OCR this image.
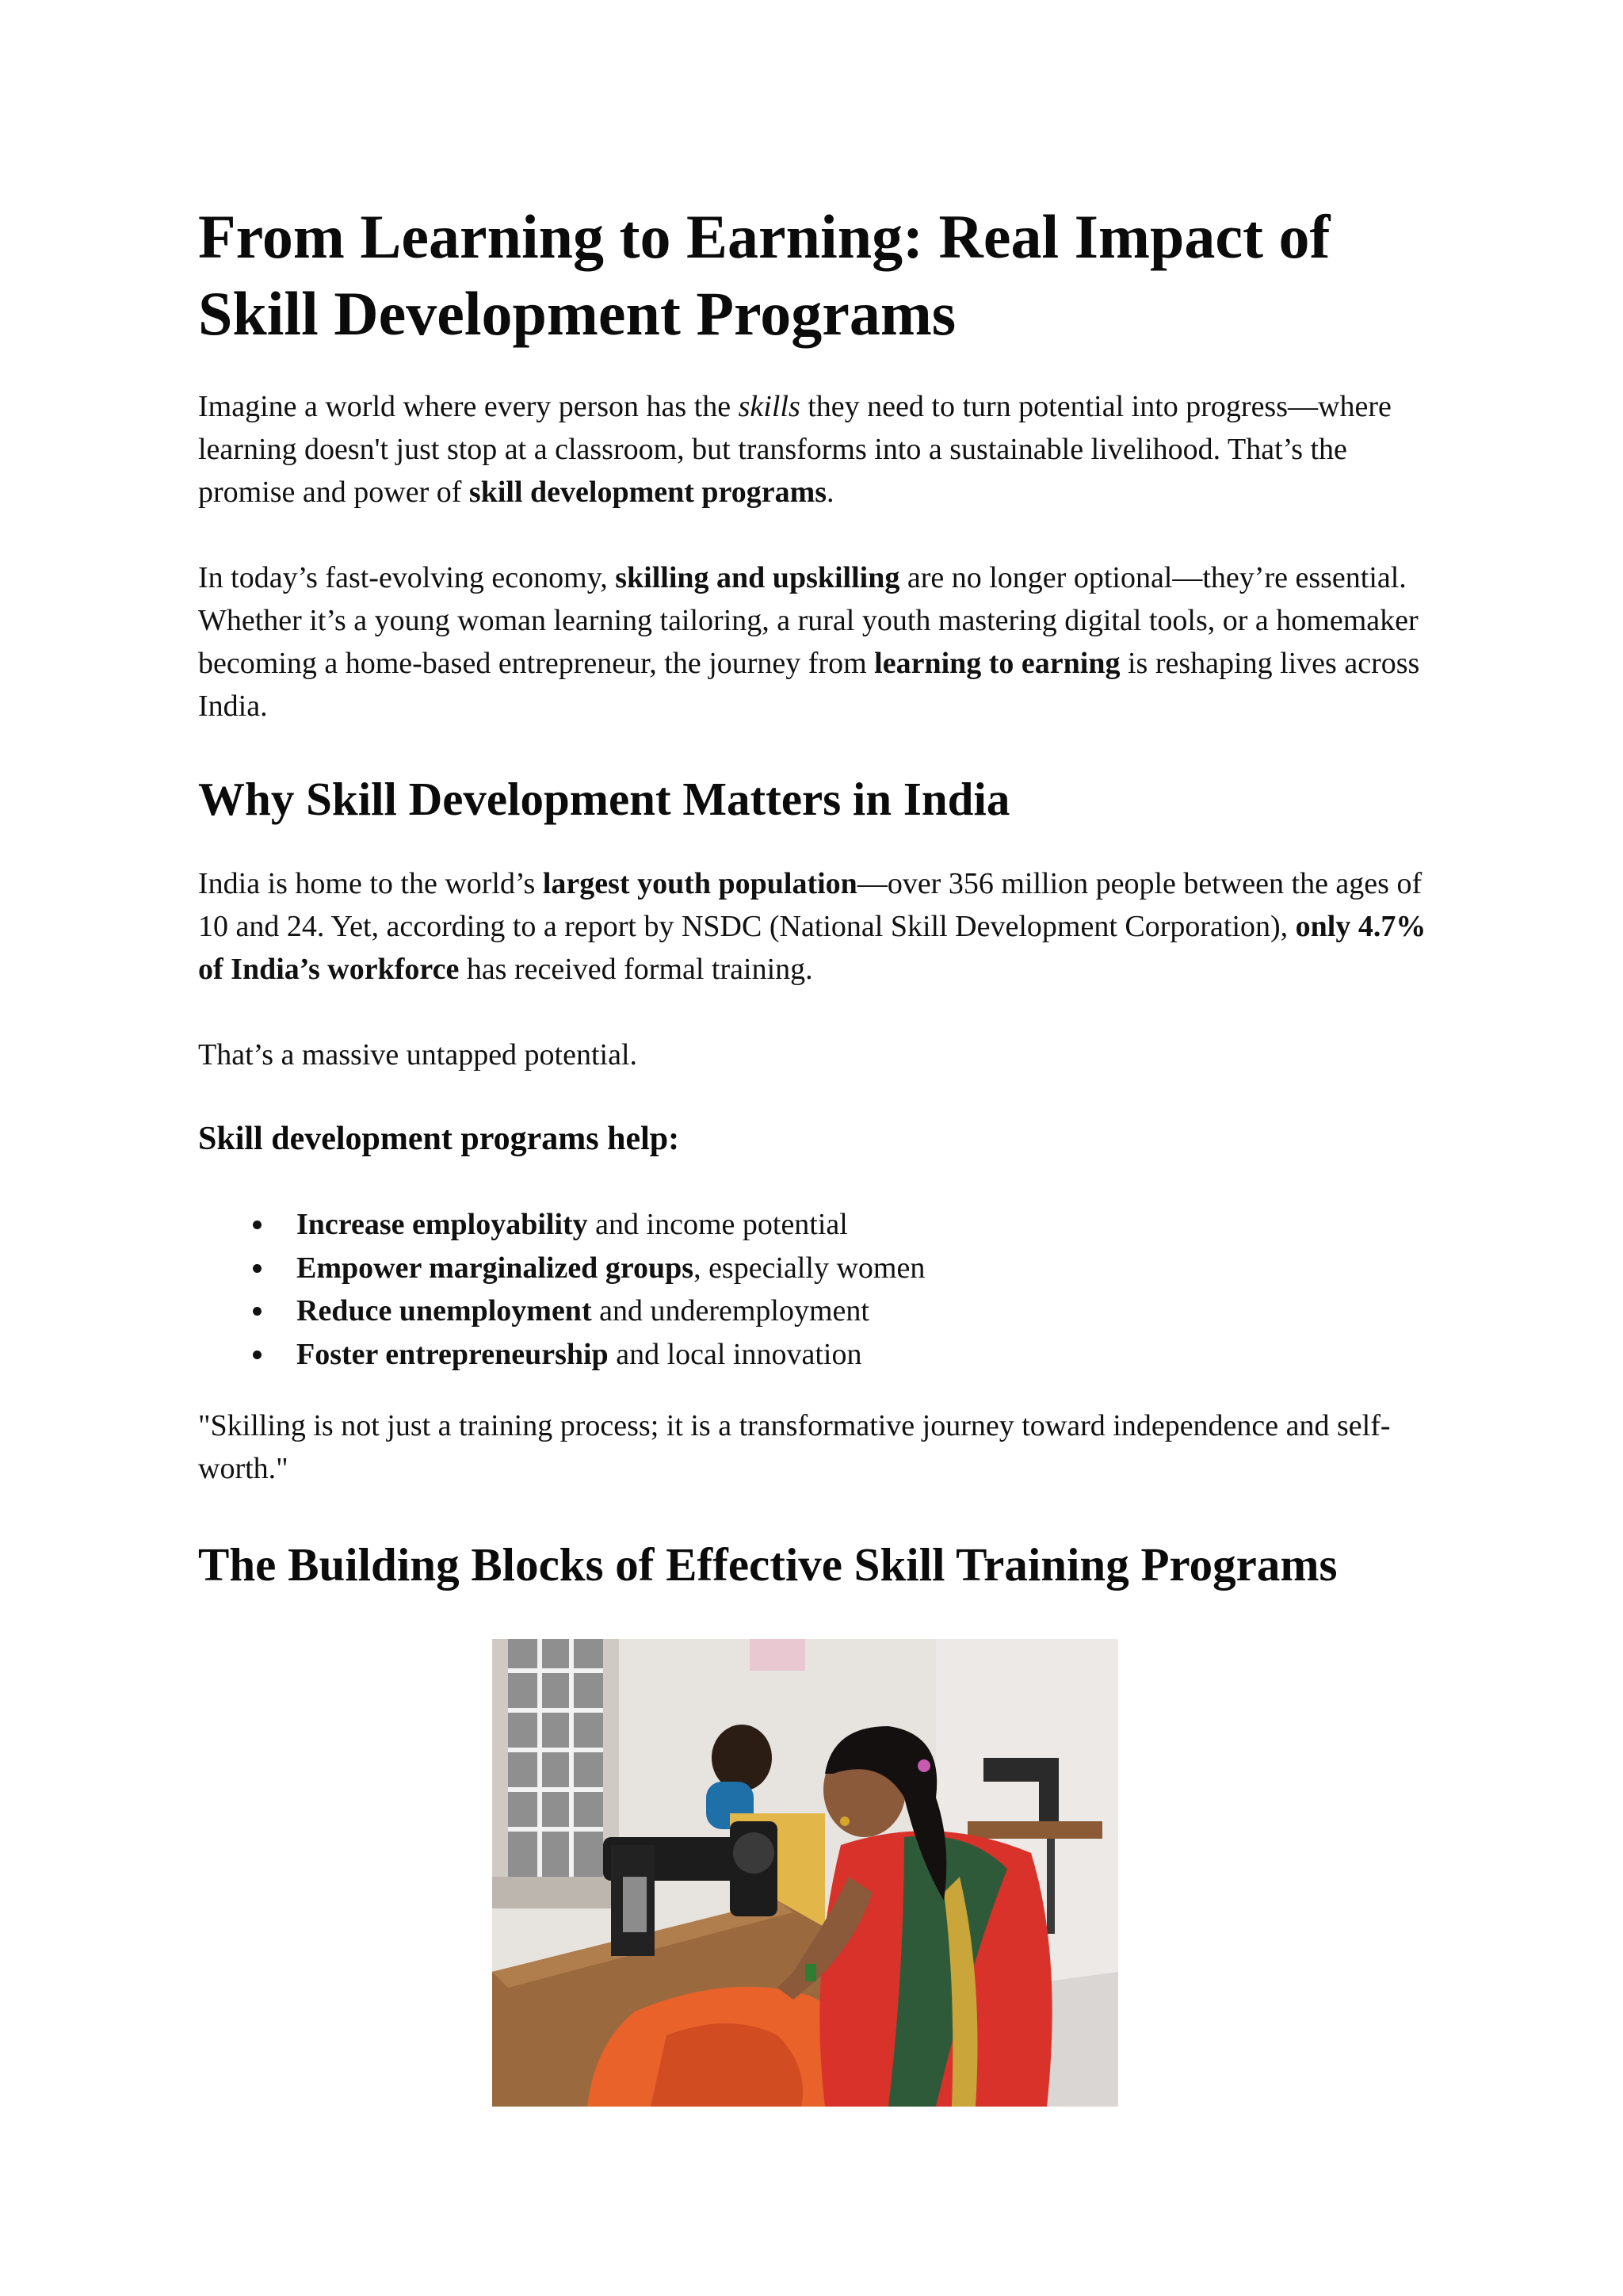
From Learning to Earning: Real Impact of Skill Development Programs

Imagine a world where every person has the skills they need to turn potential into progress—where learning doesn't just stop at a classroom, but transforms into a sustainable livelihood. That’s the promise and power of skill development programs.

In today’s fast-evolving economy, skilling and upskilling are no longer optional—they’re essential. Whether it’s a young woman learning tailoring, a rural youth mastering digital tools, or a homemaker becoming a home-based entrepreneur, the journey from learning to earning is reshaping lives across India.

Why Skill Development Matters in India

India is home to the world’s largest youth population—over 356 million people between the ages of 10 and 24. Yet, according to a report by NSDC (National Skill Development Corporation), only 4.7% of India’s workforce has received formal training.

That’s a massive untapped potential.

Skill development programs help:
Increase employability and income potential
Empower marginalized groups, especially women
Reduce unemployment and underemployment
Foster entrepreneurship and local innovation

"Skilling is not just a training process; it is a transformative journey toward independence and self-worth."

The Building Blocks of Effective Skill Training Programs
